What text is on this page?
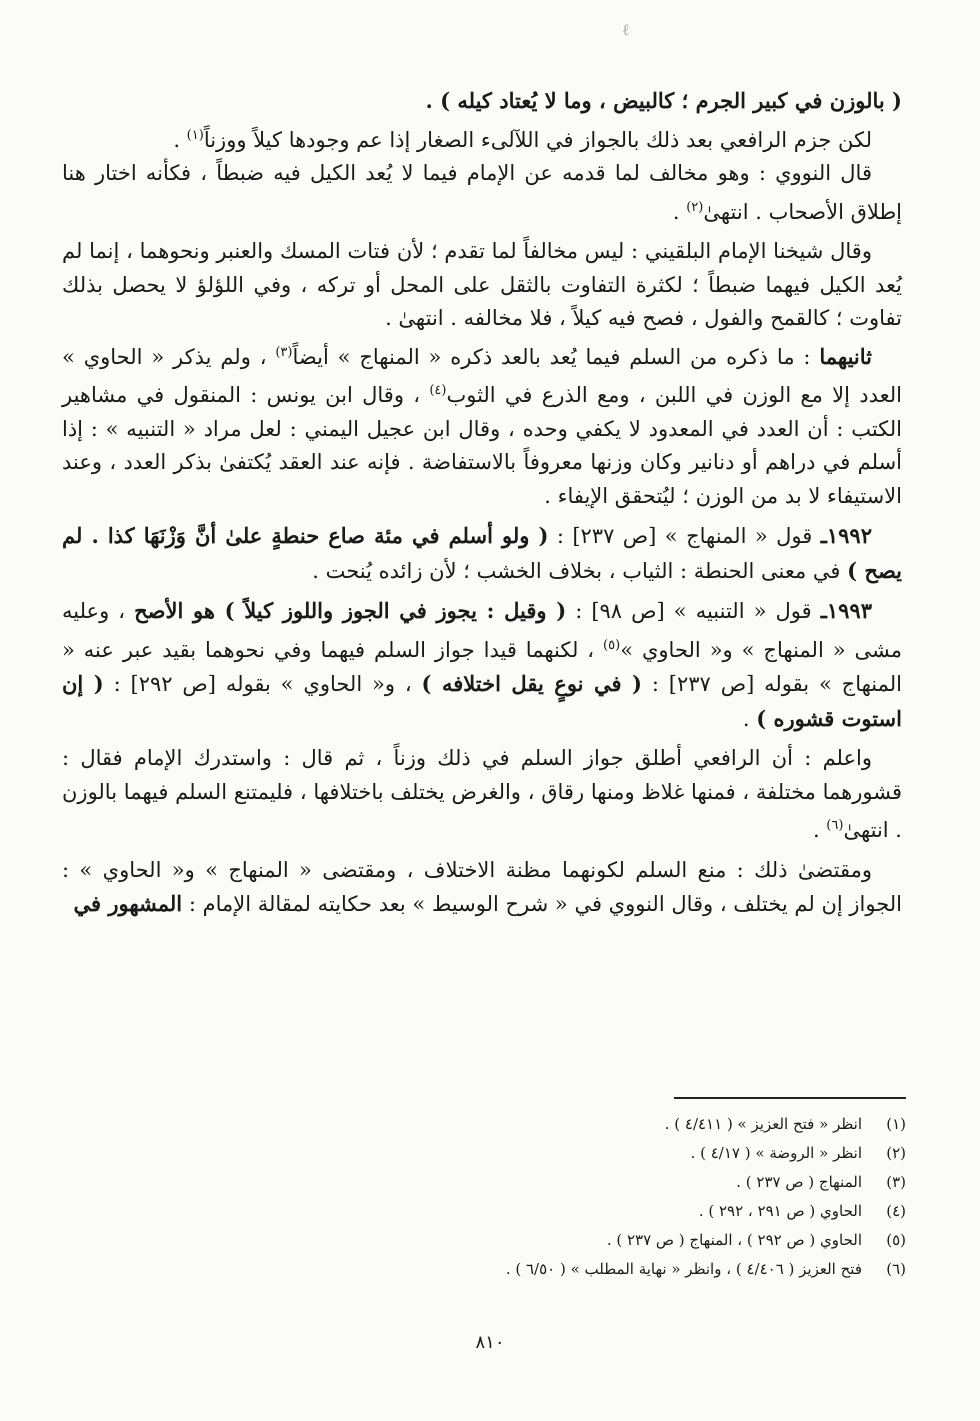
ℓ

( بالوزن في كبير الجرم ؛ كالبيض ، وما لا يُعتاد كيله ) .

لكن جزم الرافعي بعد ذلك بالجواز في اللآلىء الصغار إذا عم وجودها كيلاً ووزناً$^{(١)}$ .

قال النووي : وهو مخالف لما قدمه عن الإمام فيما لا يُعد الكيل فيه ضبطاً ، فكأنه اختار هنا إطلاق الأصحاب . انتهىٰ$^{(٢)}$ .

وقال شيخنا الإمام البلقيني : ليس مخالفاً لما تقدم ؛ لأن فتات المسك والعنبر ونحوهما ، إنما لم يُعد الكيل فيهما ضبطاً ؛ لكثرة التفاوت بالثقل على المحل أو تركه ، وفي اللؤلؤ لا يحصل بذلك تفاوت ؛ كالقمح والفول ، فصح فيه كيلاً ، فلا مخالفه . انتهىٰ .

ثانيهما : ما ذكره من السلم فيما يُعد بالعد ذكره « المنهاج » أيضاً$^{(٣)}$ ، ولم يذكر « الحاوي » العدد إلا مع الوزن في اللبن ، ومع الذرع في الثوب$^{(٤)}$ ، وقال ابن يونس : المنقول في مشاهير الكتب : أن العدد في المعدود لا يكفي وحده ، وقال ابن عجيل اليمني : لعل مراد « التنبيه » : إذا أسلم في دراهم أو دنانير وكان وزنها معروفاً بالاستفاضة . فإنه عند العقد يُكتفىٰ بذكر العدد ، وعند الاستيفاء لا بد من الوزن ؛ ليُتحقق الإيفاء .

١٩٩٢ـ قول « المنهاج » [ص ٢٣٧] : ( ولو أسلم في مئة صاع حنطةٍ علىٰ أنَّ وَزْنَهَا كذا . لم يصح ) في معنى الحنطة : الثياب ، بخلاف الخشب ؛ لأن زائده يُنحت .

١٩٩٣ـ قول « التنبيه » [ص ٩٨] : ( وقيل : يجوز في الجوز واللوز كيلاً ) هو الأصح ، وعليه مشى « المنهاج » و« الحاوي »$^{(٥)}$ ، لكنهما قيدا جواز السلم فيهما وفي نحوهما بقيد عبر عنه « المنهاج » بقوله [ص ٢٣٧] : ( في نوعٍ يقل اختلافه ) ، و« الحاوي » بقوله [ص ٢٩٢] : ( إن استوت قشوره ) .

واعلم : أن الرافعي أطلق جواز السلم في ذلك وزناً ، ثم قال : واستدرك الإمام فقال : قشورهما مختلفة ، فمنها غلاظ ومنها رقاق ، والغرض يختلف باختلافها ، فليمتنع السلم فيهما بالوزن . انتهىٰ$^{(٦)}$ .

ومقتضىٰ ذلك : منع السلم لكونهما مظنة الاختلاف ، ومقتضى « المنهاج » و« الحاوي » : الجواز إن لم يختلف ، وقال النووي في « شرح الوسيط » بعد حكايته لمقالة الإمام : المشهور في

(١)
انظر « فتح العزيز » ( ٤/٤١١ ) .
(٢)
انظر « الروضة » ( ٤/١٧ ) .
(٣)
المنهاج ( ص ٢٣٧ ) .
(٤)
الحاوي ( ص ٢٩١ ، ٢٩٢ ) .
(٥)
الحاوي ( ص ٢٩٢ ) ، المنهاج ( ص ٢٣٧ ) .
(٦)
فتح العزيز ( ٤/٤٠٦ ) ، وانظر « نهاية المطلب » ( ٦/٥٠ ) .
٨١٠
